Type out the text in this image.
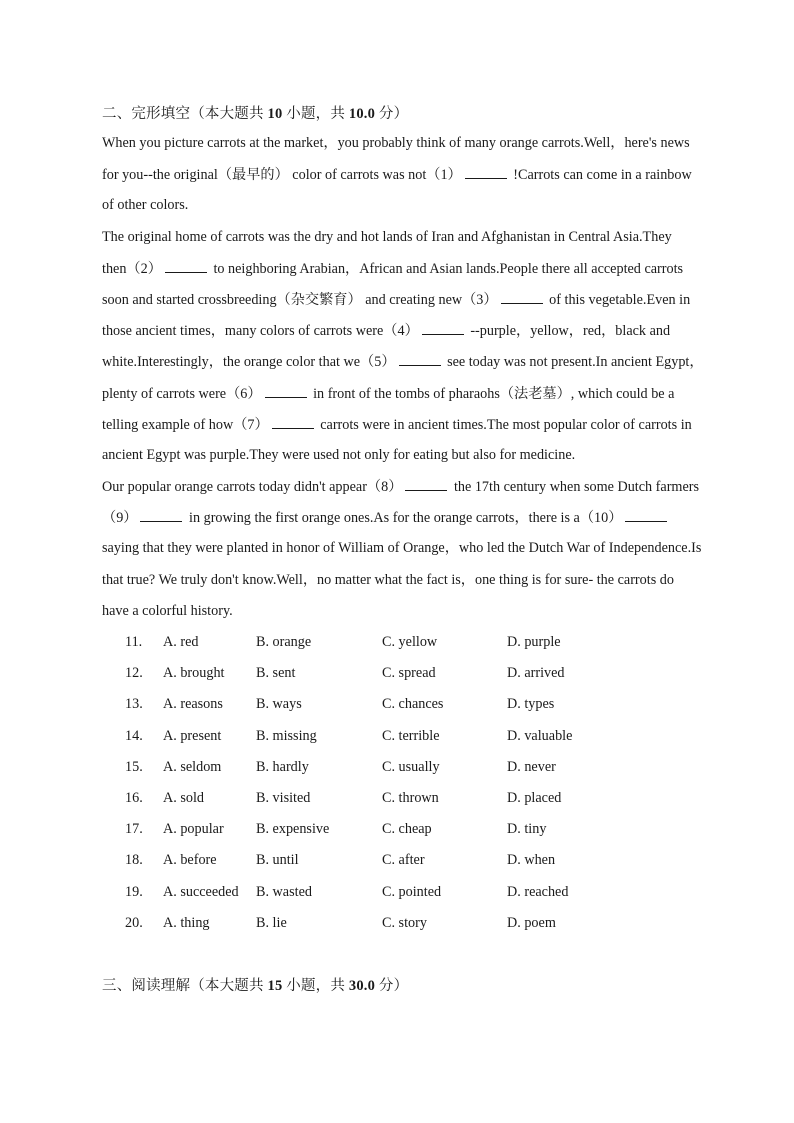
二、完形填空（本大题共 10 小题，共 10.0 分）
When you picture carrots at the market，you probably think of many orange carrots.Well，here's news
for you--the original（最早的） color of carrots was not（1）	!Carrots can come in a rainbow
of other colors.
The original home of carrots was the dry and hot lands of Iran and Afghanistan in Central Asia.They
then（2）	to neighboring Arabian，African and Asian lands.People there all accepted carrots
soon and started crossbreeding（杂交繁育） and creating new（3）	of this vegetable.Even in
those ancient times，many colors of carrots were（4）	--purple，yellow，red，black and
white.Interestingly，the orange color that we（5）	see today was not present.In ancient Egypt，
plenty of carrots were（6）	in front of the tombs of pharaohs（法老墓）, which could be a
telling example of how（7）	carrots were in ancient times.The most popular color of carrots in
ancient Egypt was purple.They were used not only for eating but also for medicine.
Our popular orange carrots today didn't appear（8）	the 17th century when some Dutch farmers
（9）	in growing the first orange ones.As for the orange carrots，there is a（10）
saying that they were planted in honor of William of Orange，who led the Dutch War of Independence.Is
that true? We truly don't know.Well，no matter what the fact is，one thing is for sure- the carrots do
have a colorful history.
11. A. red	B. orange	C. yellow	D. purple
12. A. brought B. sent	C. spread	D. arrived
13. A. reasons B. ways	C. chances	D. types
14. A. present B. missing	C. terrible	D. valuable
15. A. seldom B. hardly	C. usually	D. never
16. A. sold	B. visited	C. thrown	D. placed
17. A. popular B. expensive	C. cheap	D. tiny
18. A. before	B. until	C. after	D. when
19. A. succeeded B. wasted	C. pointed	D. reached
20. A. thing	B. lie	C. story	D. poem
三、阅读理解（本大题共 15 小题，共 30.0 分）
